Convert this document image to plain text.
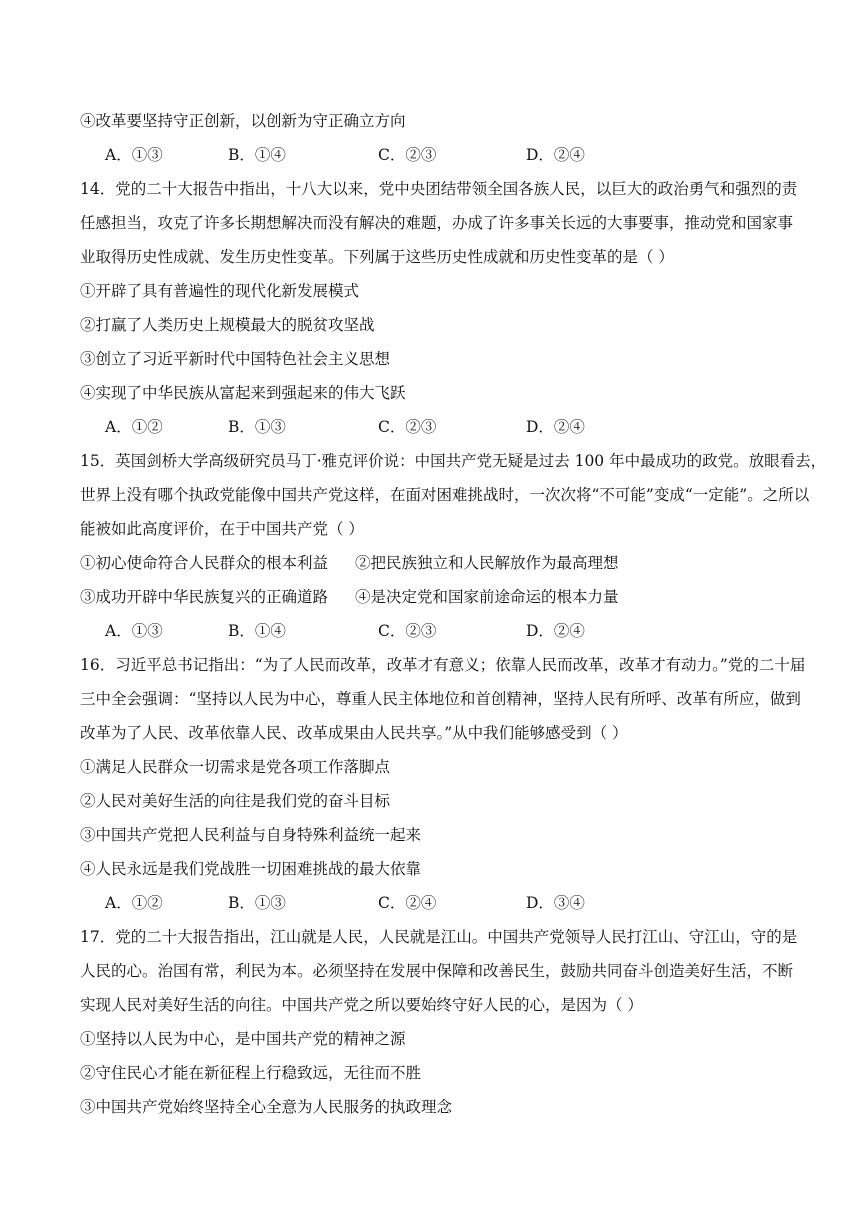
④改革要坚持守正创新，以创新为守正确立方向
A．①③	B．①④	C．②③	D．②④
14．党的二十大报告中指出，十八大以来，党中央团结带领全国各族人民，以巨大的政治勇气和强烈的责
任感担当，攻克了许多长期想解决而没有解决的难题，办成了许多事关长远的大事要事，推动党和国家事
业取得历史性成就、发生历史性变革。下列属于这些历史性成就和历史性变革的是（ ）
①开辟了具有普遍性的现代化新发展模式
②打赢了人类历史上规模最大的脱贫攻坚战
③创立了习近平新时代中国特色社会主义思想
④实现了中华民族从富起来到强起来的伟大飞跃
A．①②	B．①③	C．②③	D．②④
15．英国剑桥大学高级研究员马丁·雅克评价说：中国共产党无疑是过去 100 年中最成功的政党。放眼看去，
世界上没有哪个执政党能像中国共产党这样，在面对困难挑战时，一次次将“不可能”变成“一定能”。之所以
能被如此高度评价，在于中国共产党（ ）
①初心使命符合人民群众的根本利益 ②把民族独立和人民解放作为最高理想
③成功开辟中华民族复兴的正确道路 ④是决定党和国家前途命运的根本力量
A．①③	B．①④	C．②③	D．②④
16．习近平总书记指出：“为了人民而改革，改革才有意义；依靠人民而改革，改革才有动力。”党的二十届
三中全会强调：“坚持以人民为中心，尊重人民主体地位和首创精神，坚持人民有所呼、改革有所应，做到
改革为了人民、改革依靠人民、改革成果由人民共享。”从中我们能够感受到（ ）
①满足人民群众一切需求是党各项工作落脚点
②人民对美好生活的向往是我们党的奋斗目标
③中国共产党把人民利益与自身特殊利益统一起来
④人民永远是我们党战胜一切困难挑战的最大依靠
A．①②	B．①③	C．②④	D．③④
17．党的二十大报告指出，江山就是人民，人民就是江山。中国共产党领导人民打江山、守江山，守的是
人民的心。治国有常，利民为本。必须坚持在发展中保障和改善民生，鼓励共同奋斗创造美好生活，不断
实现人民对美好生活的向往。中国共产党之所以要始终守好人民的心，是因为（ ）
①坚持以人民为中心，是中国共产党的精神之源
②守住民心才能在新征程上行稳致远，无往而不胜
③中国共产党始终坚持全心全意为人民服务的执政理念
